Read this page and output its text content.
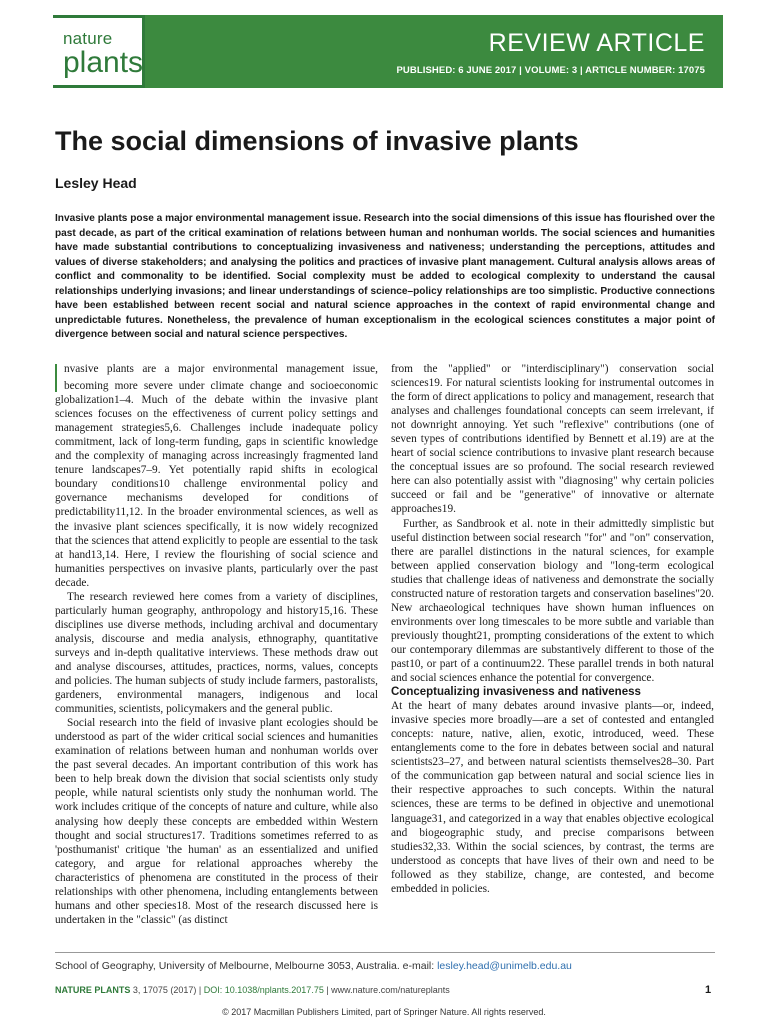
nature
plants
REVIEW ARTICLE
PUBLISHED: 6 JUNE 2017 | VOLUME: 3 | ARTICLE NUMBER: 17075
The social dimensions of invasive plants
Lesley Head

Invasive plants pose a major environmental management issue. Research into the social dimensions of this issue has flourished over the past decade, as part of the critical examination of relations between human and nonhuman worlds. The social sciences and humanities have made substantial contributions to conceptualizing invasiveness and nativeness; understanding the perceptions, attitudes and values of diverse stakeholders; and analysing the politics and practices of invasive plant management. Cultural analysis allows areas of conflict and commonality to be identified. Social complexity must be added to ecological complexity to understand the causal relationships underlying invasions; and linear understandings of science–policy relationships are too simplistic. Productive connections have been established between recent social and natural science approaches in the context of rapid environmental change and unpredictable futures. Nonetheless, the prevalence of human exceptionalism in the ecological sciences constitutes a major point of divergence between social and natural science perspectives.

nvasive plants are a major environmental management issue, becoming more severe under climate change and socioeconomic globalization1–4. Much of the debate within the invasive plant sciences focuses on the effectiveness of current policy settings and management strategies5,6. Challenges include inadequate policy commitment, lack of long-term funding, gaps in scientific knowledge and the complexity of managing across increasingly fragmented land tenure landscapes7–9. Yet potentially rapid shifts in ecological boundary conditions10 challenge environmental policy and governance mechanisms developed for conditions of predictability11,12. In the broader environmental sciences, as well as the invasive plant sciences specifically, it is now widely recognized that the sciences that attend explicitly to people are essential to the task at hand13,14. Here, I review the flourishing of social science and humanities perspectives on invasive plants, particularly over the past decade.

The research reviewed here comes from a variety of disciplines, particularly human geography, anthropology and history15,16. These disciplines use diverse methods, including archival and documentary analysis, discourse and media analysis, ethnography, quantitative surveys and in-depth qualitative interviews. These methods draw out and analyse discourses, attitudes, practices, norms, values, concepts and policies. The human subjects of study include farmers, pastoralists, gardeners, environmental managers, indigenous and local communities, scientists, policymakers and the general public.

Social research into the field of invasive plant ecologies should be understood as part of the wider critical social sciences and humanities examination of relations between human and nonhuman worlds over the past several decades. An important contribution of this work has been to help break down the division that social scientists only study people, while natural scientists only study the nonhuman world. The work includes critique of the concepts of nature and culture, while also analysing how deeply these concepts are embedded within Western thought and social structures17. Traditions sometimes referred to as 'posthumanist' critique 'the human' as an essentialized and unified category, and argue for relational approaches whereby the characteristics of phenomena are constituted in the process of their relationships with other phenomena, including entanglements between humans and other species18. Most of the research discussed here is undertaken in the "classic" (as distinct

from the "applied" or "interdisciplinary") conservation social sciences19. For natural scientists looking for instrumental outcomes in the form of direct applications to policy and management, research that analyses and challenges foundational concepts can seem irrelevant, if not downright annoying. Yet such "reflexive" contributions (one of seven types of contributions identified by Bennett et al.19) are at the heart of social science contributions to invasive plant research because the conceptual issues are so profound. The social research reviewed here can also potentially assist with "diagnosing" why certain policies succeed or fail and be "generative" of innovative or alternate approaches19.

Further, as Sandbrook et al. note in their admittedly simplistic but useful distinction between social research "for" and "on" conservation, there are parallel distinctions in the natural sciences, for example between applied conservation biology and "long-term ecological studies that challenge ideas of nativeness and demonstrate the socially constructed nature of restoration targets and conservation baselines"20. New archaeological techniques have shown human influences on environments over long timescales to be more subtle and variable than previously thought21, prompting considerations of the extent to which our contemporary dilemmas are substantively different to those of the past10, or part of a continuum22. These parallel trends in both natural and social sciences enhance the potential for convergence.

Conceptualizing invasiveness and nativeness

At the heart of many debates around invasive plants—or, indeed, invasive species more broadly—are a set of contested and entangled concepts: nature, native, alien, exotic, introduced, weed. These entanglements come to the fore in debates between social and natural scientists23–27, and between natural scientists themselves28–30. Part of the communication gap between natural and social science lies in their respective approaches to such concepts. Within the natural sciences, these are terms to be defined in objective and unemotional language31, and categorized in a way that enables objective ecological and biogeographic study, and precise comparisons between studies32,33. Within the social sciences, by contrast, the terms are understood as concepts that have lives of their own and need to be followed as they stabilize, change, are contested, and become embedded in policies.

School of Geography, University of Melbourne, Melbourne 3053, Australia. e-mail: lesley.head@unimelb.edu.au
NATURE PLANTS 3, 17075 (2017) | DOI: 10.1038/nplants.2017.75 | www.nature.com/natureplants	1
© 2017 Macmillan Publishers Limited, part of Springer Nature. All rights reserved.
